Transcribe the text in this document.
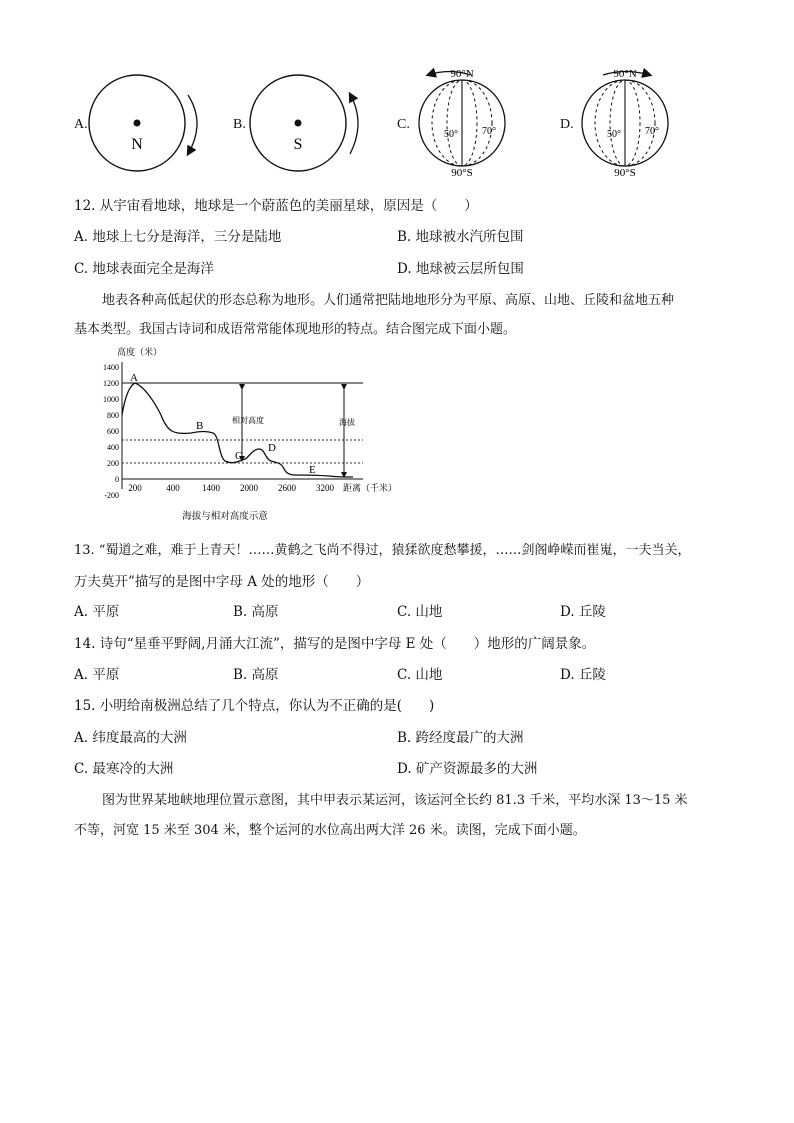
A.	B.	C.	D.
N	S
90°N
90°S
50° 70°
90°N
90°S
50° 70°
12. 从宇宙看地球，地球是一个蔚蓝色的美丽星球，原因是（　　）
A. 地球上七分是海洋，三分是陆地	B. 地球被水汽所包围
C. 地球表面完全是海洋	D. 地球被云层所包围
地表各种高低起伏的形态总称为地形。人们通常把陆地地形分为平原、高原、山地、丘陵和盆地五种
基本类型。我国古诗词和成语常常能体现地形的特点。结合图完成下面小题。
高度（米）
1400
1200
1000
800
600
400
200
0
-200
200	400 1400 2000 2600 3200 距离（千米）
相对高度	海拔
A
B
C
D
E
海拔与相对高度示意
13. “蜀道之难，难于上青天！……黄鹤之飞尚不得过，猿猱欲度愁攀援，……剑阁峥嵘而崔嵬，一夫当关，
万夫莫开”描写的是图中字母 A 处的地形（　　）
A. 平原	B. 高原	C. 山地	D. 丘陵
14. 诗句“星垂平野阔,月涌大江流”，描写的是图中字母 E 处（　　）地形的广阔景象。
A. 平原	B. 高原	C. 山地	D. 丘陵
15. 小明给南极洲总结了几个特点，你认为不正确的是(　　)
A. 纬度最高的大洲	B. 跨经度最广的大洲
C. 最寒冷的大洲	D. 矿产资源最多的大洲
图为世界某地峡地理位置示意图，其中甲表示某运河，该运河全长约 81.3 千米，平均水深 13～15 米
不等，河宽 15 米至 304 米，整个运河的水位高出两大洋 26 米。读图，完成下面小题。
